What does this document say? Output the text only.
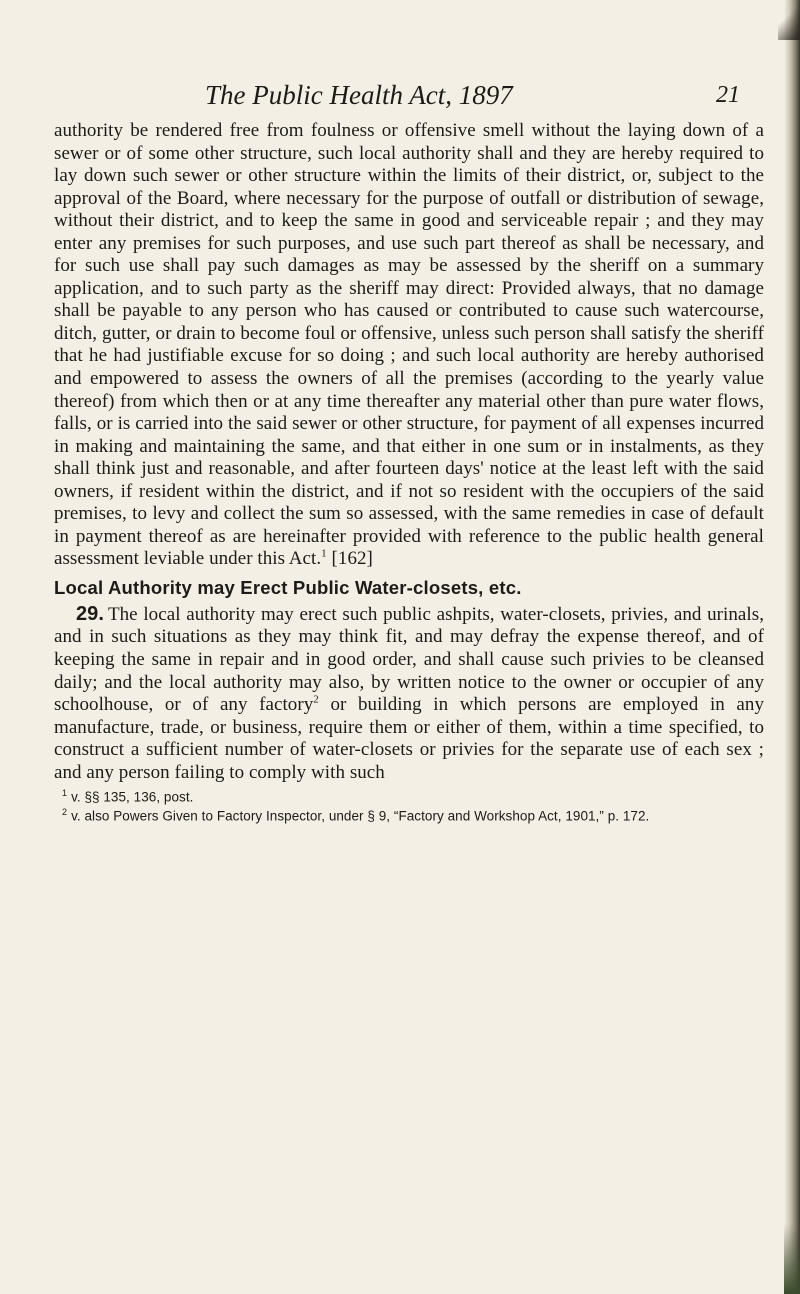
The Public Health Act, 1897	21

authority be rendered free from foulness or offensive smell without the laying down of a sewer or of some other structure, such local authority shall and they are hereby required to lay down such sewer or other structure within the limits of their district, or, subject to the approval of the Board, where necessary for the purpose of outfall or distribution of sewage, without their district, and to keep the same in good and serviceable repair ; and they may enter any premises for such purposes, and use such part thereof as shall be necessary, and for such use shall pay such damages as may be assessed by the sheriff on a summary application, and to such party as the sheriff may direct: Provided always, that no damage shall be payable to any person who has caused or contributed to cause such watercourse, ditch, gutter, or drain to become foul or offensive, unless such person shall satisfy the sheriff that he had justifiable excuse for so doing ; and such local authority are hereby authorised and empowered to assess the owners of all the premises (according to the yearly value thereof) from which then or at any time thereafter any material other than pure water flows, falls, or is carried into the said sewer or other structure, for payment of all expenses incurred in making and maintaining the same, and that either in one sum or in instalments, as they shall think just and reasonable, and after fourteen days' notice at the least left with the said owners, if resident within the district, and if not so resident with the occupiers of the said premises, to levy and collect the sum so assessed, with the same remedies in case of default in payment thereof as are hereinafter provided with reference to the public health general assessment leviable under this Act.$^1$ [162]

Local Authority may Erect Public Water-closets, etc.

29. The local authority may erect such public ashpits, water-closets, privies, and urinals, and in such situations as they may think fit, and may defray the expense thereof, and of keeping the same in repair and in good order, and shall cause such privies to be cleansed daily; and the local authority may also, by written notice to the owner or occupier of any schoolhouse, or of any factory$^2$ or building in which persons are employed in any manufacture, trade, or business, require them or either of them, within a time specified, to construct a sufficient number of water-closets or privies for the separate use of each sex ; and any person failing to comply with such

$^1$ v. §§ 135, 136, post.

$^2$ v. also Powers Given to Factory Inspector, under § 9, “Factory and Workshop Act, 1901,” p. 172.
